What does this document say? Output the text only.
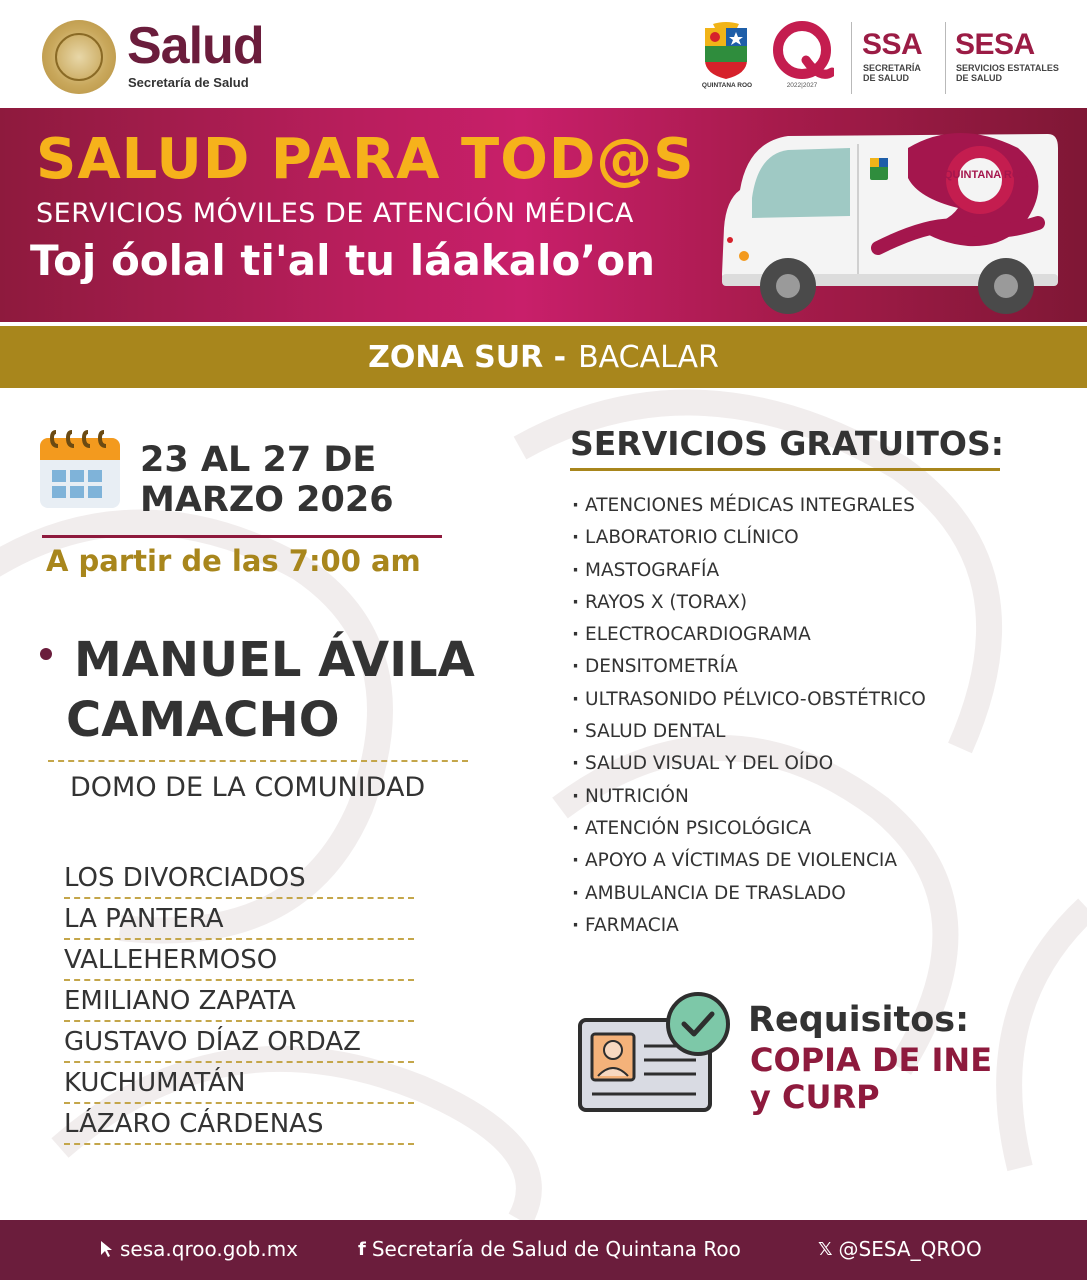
Salud
Secretaría de Salud	QUINTANA ROO	2022|2027
SSA
SECRETARÍA
DE SALUD
SESA
SERVICIOS ESTATALES
DE SALUD
SALUD PARA TOD@S
SERVICIOS MÓVILES DE ATENCIÓN MÉDICA
Toj óolal ti'al tu láakalo’on
QUINTANA ROO
ZONA SUR - BACALAR
23 AL 27 DE
MARZO 2026
A partir de las 7:00 am
MANUEL ÁVILA
CAMACHO
DOMO DE LA COMUNIDAD
LOS DIVORCIADOS
LA PANTERA
VALLEHERMOSO
EMILIANO ZAPATA
GUSTAVO DÍAZ ORDAZ
KUCHUMATÁN
LÁZARO CÁRDENAS
SERVICIOS GRATUITOS:
· ATENCIONES MÉDICAS INTEGRALES
· LABORATORIO CLÍNICO
· MASTOGRAFÍA
· RAYOS X (TORAX)
· ELECTROCARDIOGRAMA
· DENSITOMETRÍA
· ULTRASONIDO PÉLVICO-OBSTÉTRICO
· SALUD DENTAL
· SALUD VISUAL Y DEL OÍDO
· NUTRICIÓN
· ATENCIÓN PSICOLÓGICA
· APOYO A VÍCTIMAS DE VIOLENCIA
· AMBULANCIA DE TRASLADO
· FARMACIA
Requisitos:
COPIA DE INE
y CURP
sesa.qroo.gob.mx	f Secretaría de Salud de Quintana Roo	𝕏 @SESA_QROO
